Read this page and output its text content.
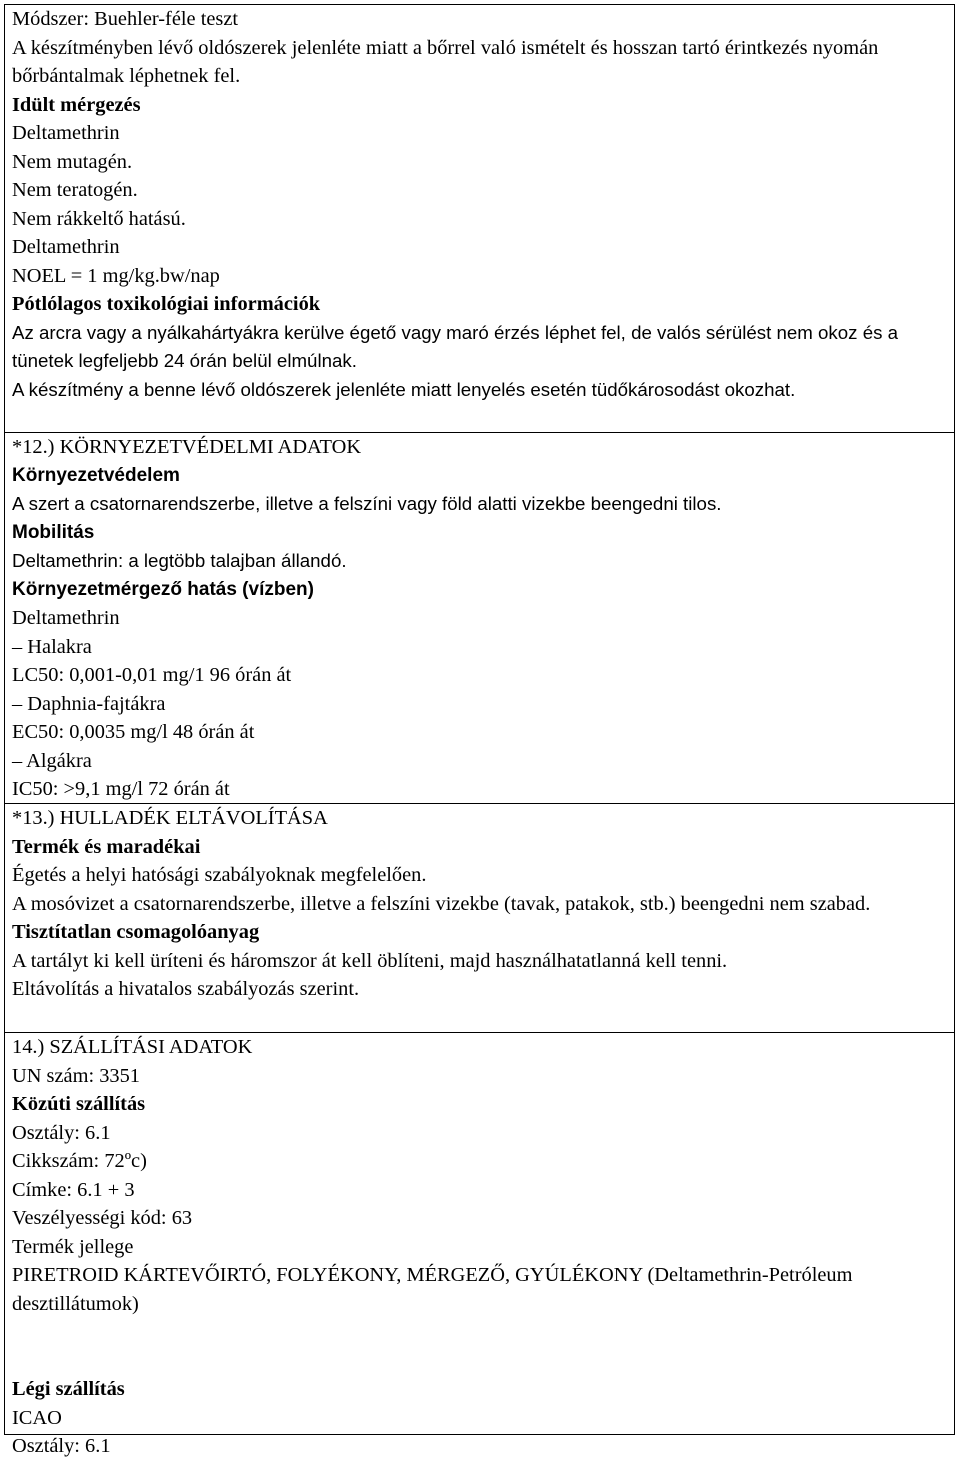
Módszer: Buehler-féle teszt
A készítményben lévő oldószerek jelenléte miatt a bőrrel való ismételt és hosszan tartó érintkezés nyomán bőrbántalmak léphetnek fel.
Idült mérgezés
Deltamethrin
Nem mutagén.
Nem teratogén.
Nem rákkeltő hatású.
Deltamethrin
NOEL = 1 mg/kg.bw/nap
Pótlólagos toxikológiai információk
Az arcra vagy a nyálkahártyákra kerülve égető vagy maró érzés léphet fel, de valós sérülést nem okoz és a tünetek legfeljebb 24 órán belül elmúlnak.
A készítmény a benne lévő oldószerek jelenléte miatt lenyelés esetén tüdőkárosodást okozhat.
*12.) KÖRNYEZETVÉDELMI ADATOK
Környezetvédelem
A szert a csatornarendszerbe, illetve a felszíni vagy föld alatti vizekbe beengedni tilos.
Mobilitás
Deltamethrin: a legtöbb talajban állandó.
Környezetmérgező hatás (vízben)
Deltamethrin
– Halakra
LC50: 0,001-0,01 mg/1 96 órán át
– Daphnia-fajtákra
EC50: 0,0035 mg/l 48 órán át
– Algákra
IC50: >9,1 mg/l 72 órán át
*13.) HULLADÉK ELTÁVOLÍTÁSA
Termék és maradékai
Égetés a helyi hatósági szabályoknak megfelelően.
A mosóvizet a csatornarendszerbe, illetve a felszíni vizekbe (tavak, patakok, stb.) beengedni nem szabad.
Tisztítatlan csomagolóanyag
A tartályt ki kell üríteni és háromszor át kell öblíteni, majd használhatatlanná kell tenni.
Eltávolítás a hivatalos szabályozás szerint.
14.) SZÁLLÍTÁSI ADATOK
UN szám: 3351
Közúti szállítás
Osztály: 6.1
Cikkszám: 72ºc)
Címke: 6.1 + 3
Veszélyességi kód: 63
Termék jellege
PIRETROID KÁRTEVŐIRTÓ, FOLYÉKONY, MÉRGEZŐ, GYÚLÉKONY (Deltamethrin-Petróleum desztillátumok)
Légi szállítás
ICAO
Osztály: 6.1
